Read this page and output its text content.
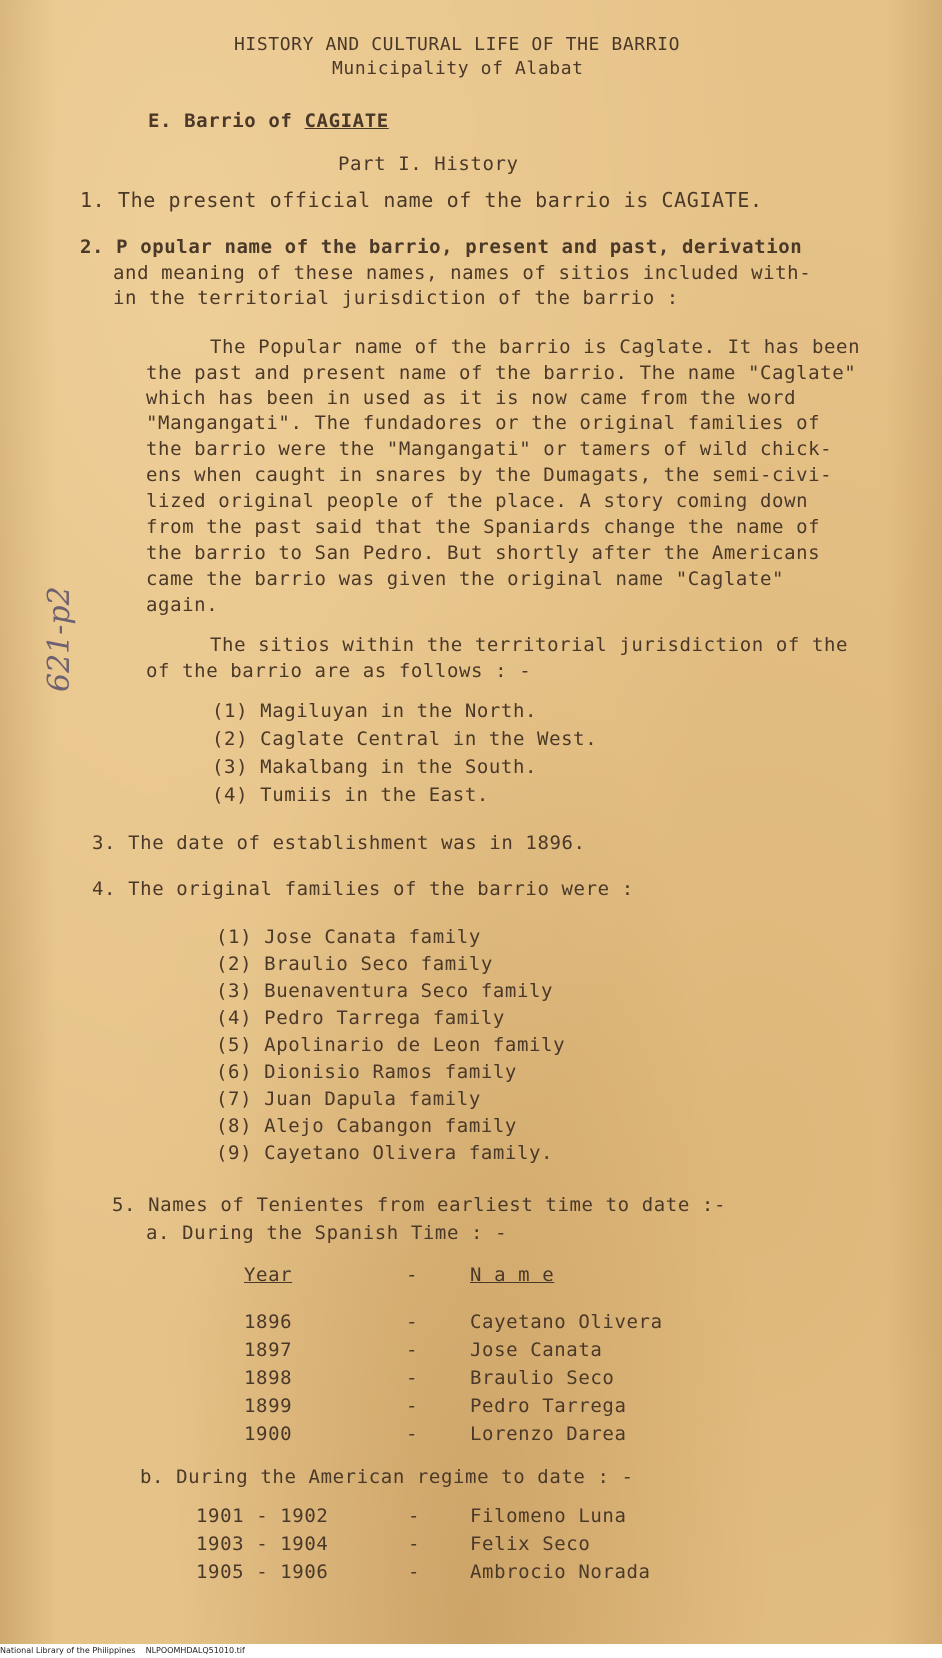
HISTORY AND CULTURAL LIFE OF THE BARRIO
Municipality of Alabat
E. Barrio of CAGIATE
Part I. History
1. The present official name of the barrio is CAGIATE.
2. P opular name of the barrio, present and past, derivation
and meaning of these names, names of sitios included with-
in the territorial jurisdiction of the barrio :
The Popular name of the barrio is Caglate. It has been
the past and present name of the barrio. The name "Caglate"
which has been in used as it is now came from the word
"Mangangati". The fundadores or the original families of
the barrio were the "Mangangati" or tamers of wild chick-
ens when caught in snares by the Dumagats, the semi-civi-
lized original people of the place. A story coming down
from the past said that the Spaniards change the name of
the barrio to San Pedro. But shortly after the Americans
came the barrio was given the original name "Caglate"
again.
The sitios within the territorial jurisdiction of the
of the barrio are as follows : -
(1) Magiluyan in the North.
(2) Caglate Central in the West.
(3) Makalbang in the South.
(4) Tumiis in the East.
3. The date of establishment was in 1896.
4. The original families of the barrio were :
(1) Jose Canata family
(2) Braulio Seco family
(3) Buenaventura Seco family
(4) Pedro Tarrega family
(5) Apolinario de Leon family
(6) Dionisio Ramos family
(7) Juan Dapula family
(8) Alejo Cabangon family
(9) Cayetano Olivera family.
5. Names of Tenientes from earliest time to date :-
a. During the Spanish Time : -
Year	-	N a m e
1896	-	Cayetano Olivera
1897	-	Jose Canata
1898	-	Braulio Seco
1899	-	Pedro Tarrega
1900	-	Lorenzo Darea
b. During the American regime to date : -
1901 - 1902	-	Filomeno Luna
1903 - 1904	-	Felix Seco
1905 - 1906	-	Ambrocio Norada
621-p2
National Library of the Philippines NLPOOMHDALQ51010.tif
